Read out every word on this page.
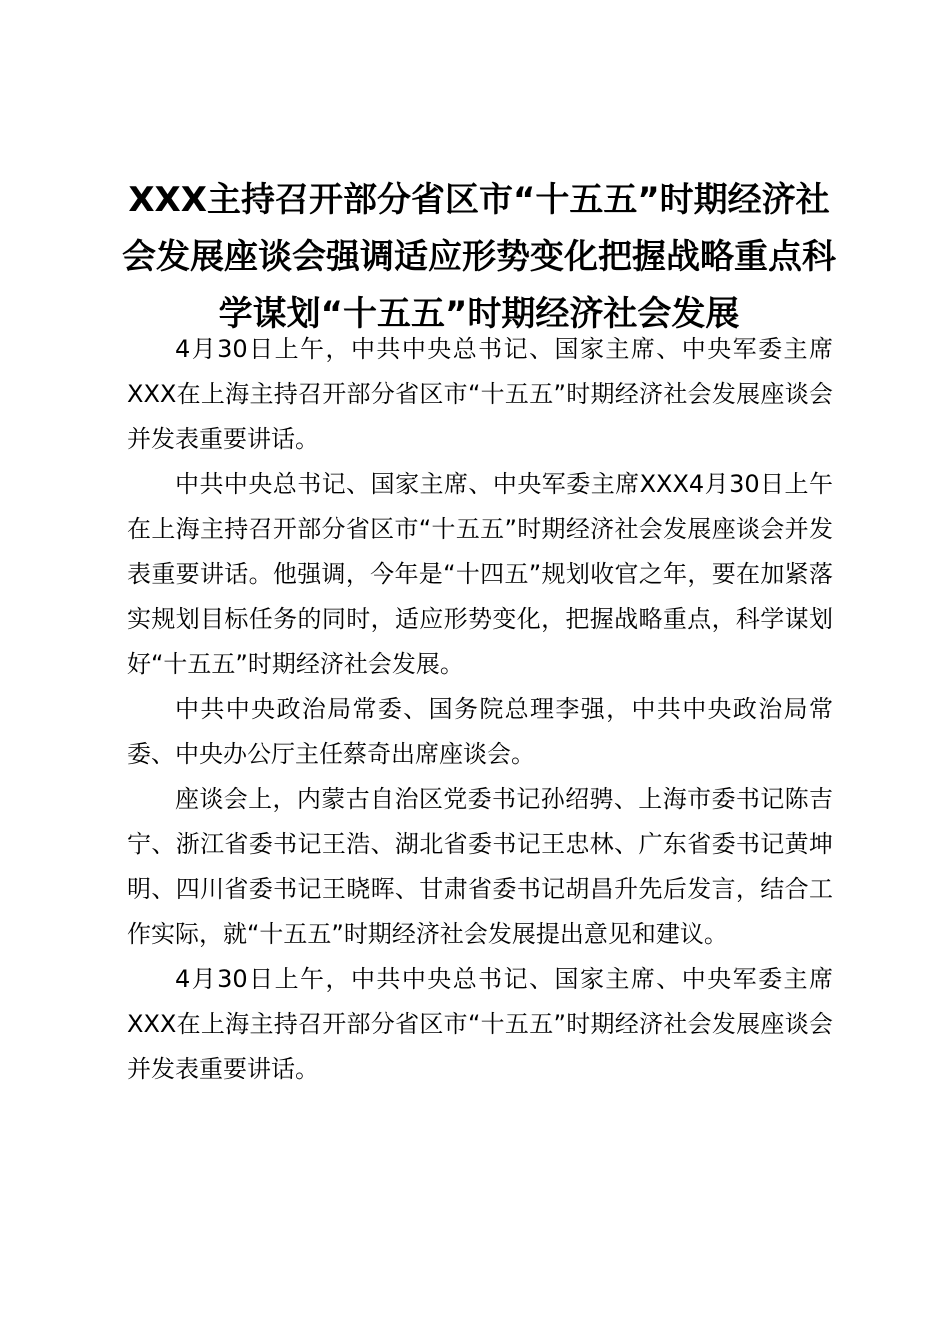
XXX主持召开部分省区市“十五五”时期经济社会发展座谈会强调适应形势变化把握战略重点科学谋划“十五五”时期经济社会发展

4月30日上午，中共中央总书记、国家主席、中央军委主席XXX在上海主持召开部分省区市“十五五”时期经济社会发展座谈会并发表重要讲话。

中共中央总书记、国家主席、中央军委主席XXX4月30日上午在上海主持召开部分省区市“十五五”时期经济社会发展座谈会并发表重要讲话。他强调，今年是“十四五”规划收官之年，要在加紧落实规划目标任务的同时，适应形势变化，把握战略重点，科学谋划好“十五五”时期经济社会发展。

中共中央政治局常委、国务院总理李强，中共中央政治局常委、中央办公厅主任蔡奇出席座谈会。

座谈会上，内蒙古自治区党委书记孙绍骋、上海市委书记陈吉宁、浙江省委书记王浩、湖北省委书记王忠林、广东省委书记黄坤明、四川省委书记王晓晖、甘肃省委书记胡昌升先后发言，结合工作实际，就“十五五”时期经济社会发展提出意见和建议。

4月30日上午，中共中央总书记、国家主席、中央军委主席XXX在上海主持召开部分省区市“十五五”时期经济社会发展座谈会并发表重要讲话。
